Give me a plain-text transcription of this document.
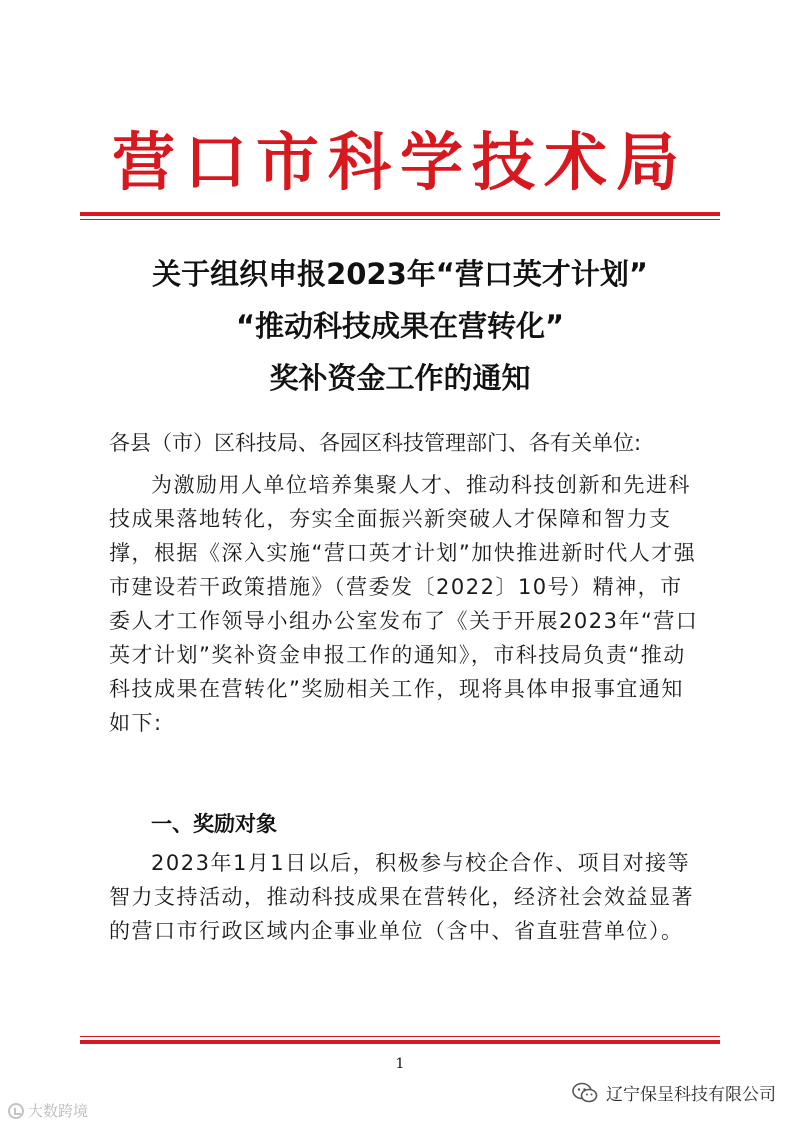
营口市科学技术局
关于组织申报2023年“营口英才计划”
“推动科技成果在营转化”
奖补资金工作的通知
各县（市）区科技局、各园区科技管理部门、各有关单位:
为激励用人单位培养集聚人才、推动科技创新和先进科技成果落地转化，夯实全面振兴新突破人才保障和智力支撑，根据《深入实施“营口英才计划”加快推进新时代人才强市建设若干政策措施》（营委发〔2022〕10号）精神，市委人才工作领导小组办公室发布了《关于开展2023年“营口英才计划”奖补资金申报工作的通知》，市科技局负责“推动科技成果在营转化”奖励相关工作，现将具体申报事宜通知如下:
一、奖励对象
2023年1月1日以后，积极参与校企合作、项目对接等智力支持活动，推动科技成果在营转化，经济社会效益显著的营口市行政区域内企事业单位（含中、省直驻营单位）。
1
大数跨境
辽宁保呈科技有限公司
